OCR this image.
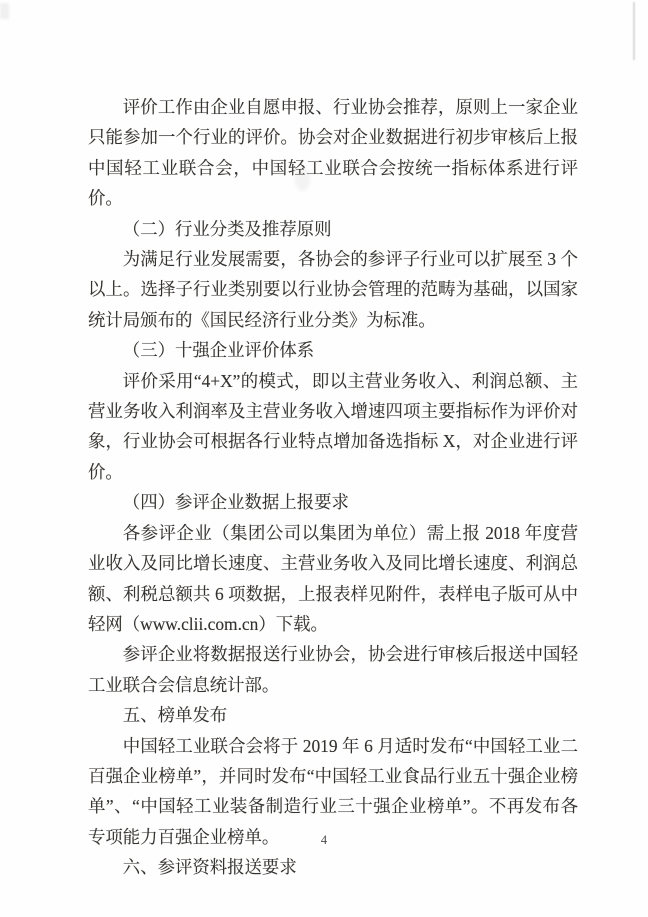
评价工作由企业自愿申报、行业协会推荐，原则上一家企业只能参加一个行业的评价。协会对企业数据进行初步审核后上报中国轻工业联合会，中国轻工业联合会按统一指标体系进行评价。

（二）行业分类及推荐原则

为满足行业发展需要，各协会的参评子行业可以扩展至 3 个以上。选择子行业类别要以行业协会管理的范畴为基础，以国家统计局颁布的《国民经济行业分类》为标准。

（三）十强企业评价体系

评价采用“4+X”的模式，即以主营业务收入、利润总额、主营业务收入利润率及主营业务收入增速四项主要指标作为评价对象，行业协会可根据各行业特点增加备选指标 X，对企业进行评价。

（四）参评企业数据上报要求

各参评企业（集团公司以集团为单位）需上报 2018 年度营业收入及同比增长速度、主营业务收入及同比增长速度、利润总额、利税总额共 6 项数据，上报表样见附件，表样电子版可从中轻网（www.clii.com.cn）下载。

参评企业将数据报送行业协会，协会进行审核后报送中国轻工业联合会信息统计部。

五、榜单发布

中国轻工业联合会将于 2019 年 6 月适时发布“中国轻工业二百强企业榜单”，并同时发布“中国轻工业食品行业五十强企业榜单”、“中国轻工业装备制造行业三十强企业榜单”。不再发布各专项能力百强企业榜单。

六、参评资料报送要求

4
